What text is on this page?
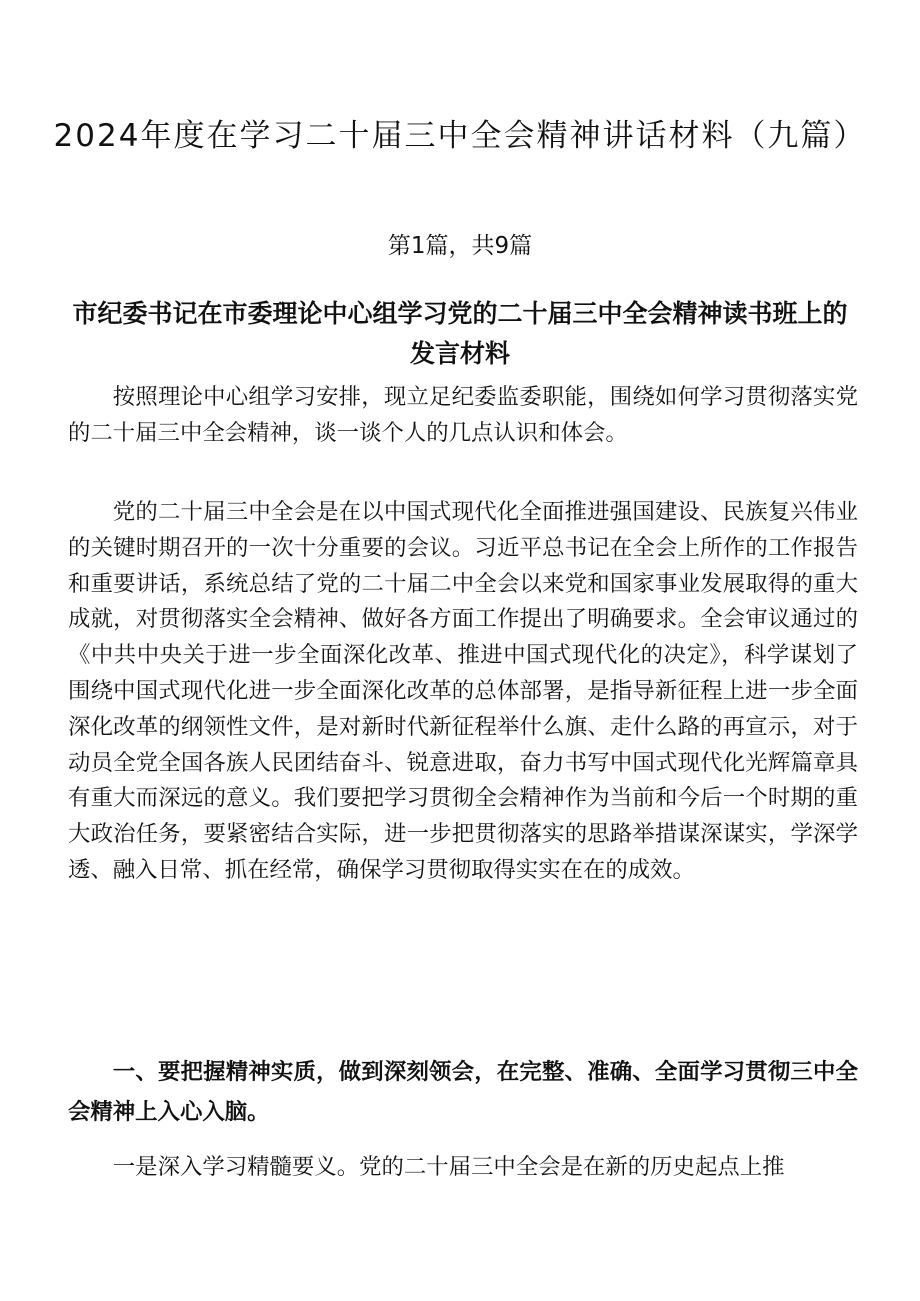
2024年度在学习二十届三中全会精神讲话材料（九篇）
第1篇，共9篇
市纪委书记在市委理论中心组学习党的二十届三中全会精神读书班上的发言材料

按照理论中心组学习安排，现立足纪委监委职能，围绕如何学习贯彻落实党的二十届三中全会精神，谈一谈个人的几点认识和体会。

党的二十届三中全会是在以中国式现代化全面推进强国建设、民族复兴伟业的关键时期召开的一次十分重要的会议。习近平总书记在全会上所作的工作报告和重要讲话，系统总结了党的二十届二中全会以来党和国家事业发展取得的重大成就，对贯彻落实全会精神、做好各方面工作提出了明确要求。全会审议通过的《中共中央关于进一步全面深化改革、推进中国式现代化的决定》，科学谋划了围绕中国式现代化进一步全面深化改革的总体部署，是指导新征程上进一步全面深化改革的纲领性文件，是对新时代新征程举什么旗、走什么路的再宣示，对于动员全党全国各族人民团结奋斗、锐意进取，奋力书写中国式现代化光辉篇章具有重大而深远的意义。我们要把学习贯彻全会精神作为当前和今后一个时期的重大政治任务，要紧密结合实际，进一步把贯彻落实的思路举措谋深谋实，学深学透、融入日常、抓在经常，确保学习贯彻取得实实在在的成效。

一、要把握精神实质，做到深刻领会，在完整、准确、全面学习贯彻三中全会精神上入心入脑。

一是深入学习精髓要义。党的二十届三中全会是在新的历史起点上推
